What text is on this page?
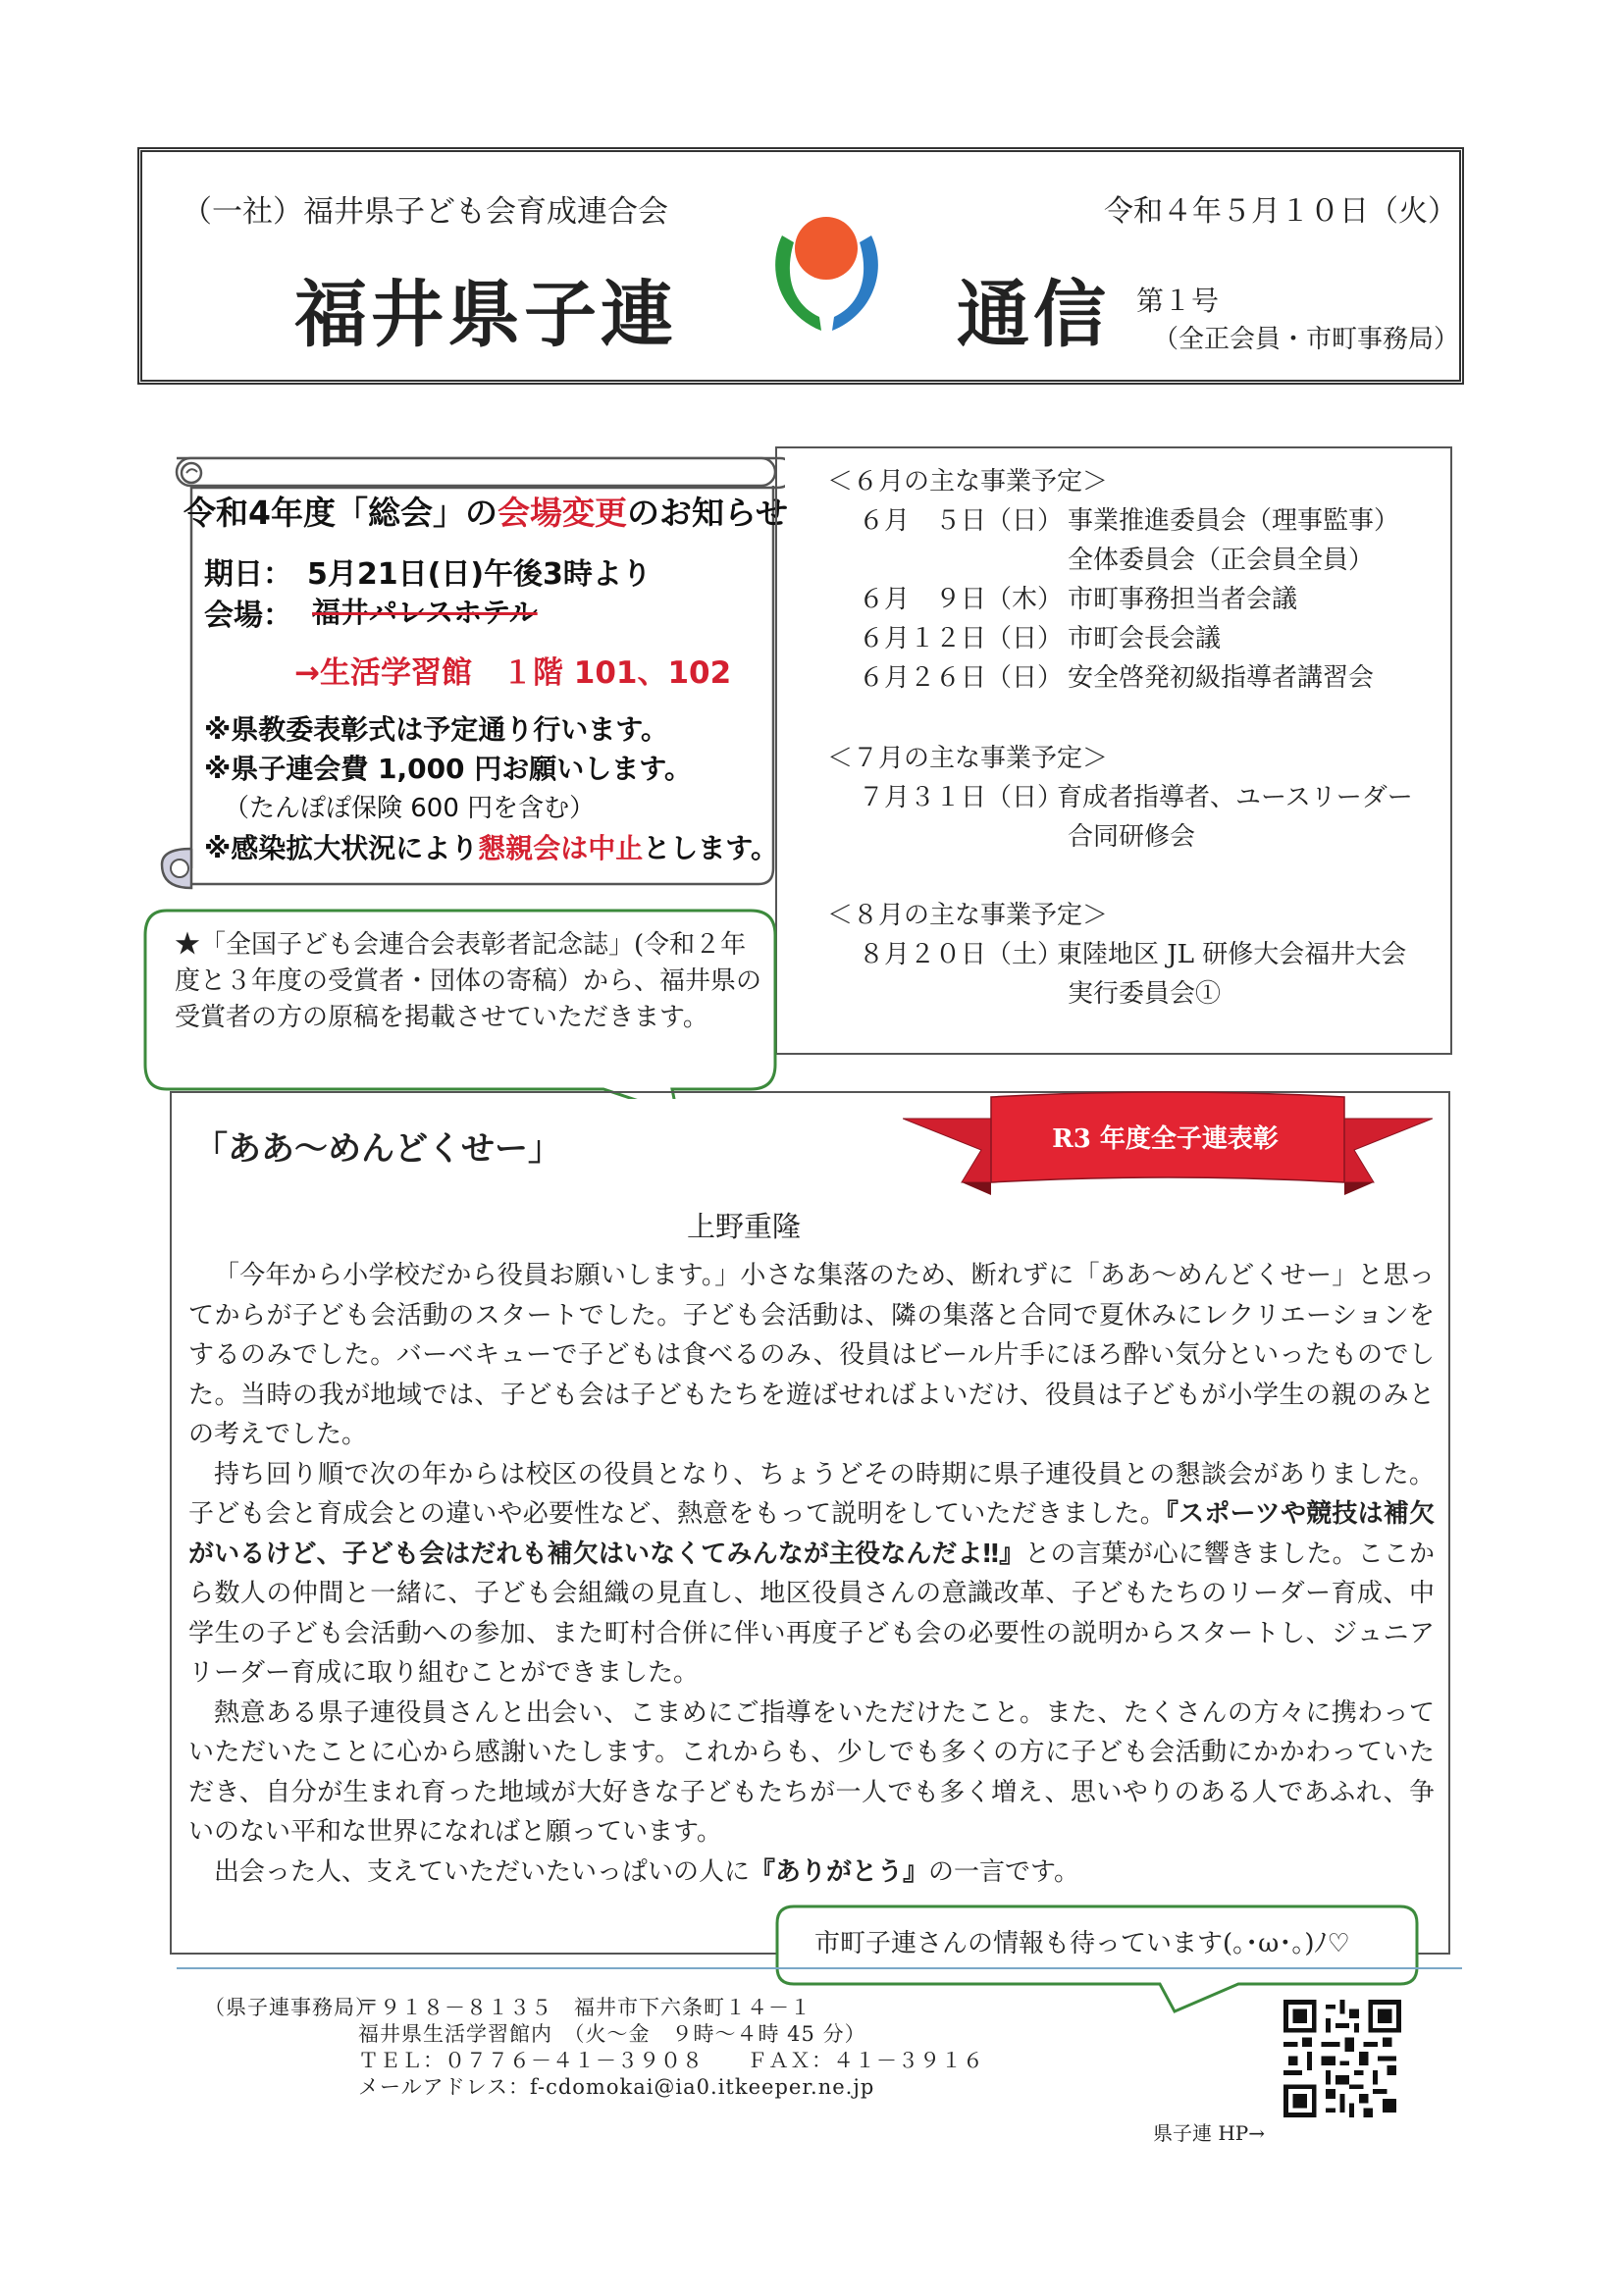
（一社）福井県子ども会育成連合会	令和４年５月１０日（火）
福井県子連	通信 第１号
（全正会員・市町事務局）
令和4年度「総会」の会場変更のお知らせ
期日：　5月21日(日)午後3時より
会場： 福井パレスホテル
→生活学習館　１階 101、102
※県教委表彰式は予定通り行います。
※県子連会費 1,000 円お願いします。
（たんぽぽ保険 600 円を含む）
※感染拡大状況により懇親会は中止とします。
＜６月の主な事業予定＞
６月　５日（日） 事業推進委員会（理事監事）
全体委員会（正会員全員）
６月　９日（木） 市町事務担当者会議
６月１２日（日） 市町会長会議
６月２６日（日） 安全啓発初級指導者講習会
＜７月の主な事業予定＞
７月３１日（日）
育成者指導者、ユースリーダー
合同研修会
＜８月の主な事業予定＞
８月２０日（土）
東陸地区 JL 研修大会福井大会
実行委員会①
★「全国子ども会連合会表彰者記念誌」(令和２年度と３年度の受賞者・団体の寄稿）から、福井県の受賞者の方の原稿を掲載させていただきます。
「ああ～めんどくせー」	R3 年度全子連表彰
上野重隆

「今年から小学校だから役員お願いします。」小さな集落のため、断れずに「ああ～めんどくせー」と思ってからが子ども会活動のスタートでした。子ども会活動は、隣の集落と合同で夏休みにレクリエーションをするのみでした。バーベキューで子どもは食べるのみ、役員はビール片手にほろ酔い気分といったものでした。当時の我が地域では、子ども会は子どもたちを遊ばせればよいだけ、役員は子どもが小学生の親のみとの考えでした。

持ち回り順で次の年からは校区の役員となり、ちょうどその時期に県子連役員との懇談会がありました。子ども会と育成会との違いや必要性など、熱意をもって説明をしていただきました。『スポーツや競技は補欠がいるけど、子ども会はだれも補欠はいなくてみんなが主役なんだよ‼』との言葉が心に響きました。ここから数人の仲間と一緒に、子ども会組織の見直し、地区役員さんの意識改革、子どもたちのリーダー育成、中学生の子ども会活動への参加、また町村合併に伴い再度子ども会の必要性の説明からスタートし、ジュニアリーダー育成に取り組むことができました。

熱意ある県子連役員さんと出会い、こまめにご指導をいただけたこと。また、たくさんの方々に携わっていただいたことに心から感謝いたします。これからも、少しでも多くの方に子ども会活動にかかわっていただき、自分が生まれ育った地域が大好きな子どもたちが一人でも多く増え、思いやりのある人であふれ、争いのない平和な世界になればと願っています。

出会った人、支えていただいたいっぱいの人に『ありがとう』の一言です。

市町子連さんの情報も待っています(｡･ω･｡)ﾉ♡
（県子連事務局）
〒９１８－８１３５　福井市下六条町１４－１
福井県生活学習館内　（火～金　９時～４時 45 分）
ＴＥＬ：０７７６－４１－３９０８　　ＦＡＸ：４１－３９１６
メールアドレス：f-cdomokai@ia0.itkeeper.ne.jp
県子連 HP→
